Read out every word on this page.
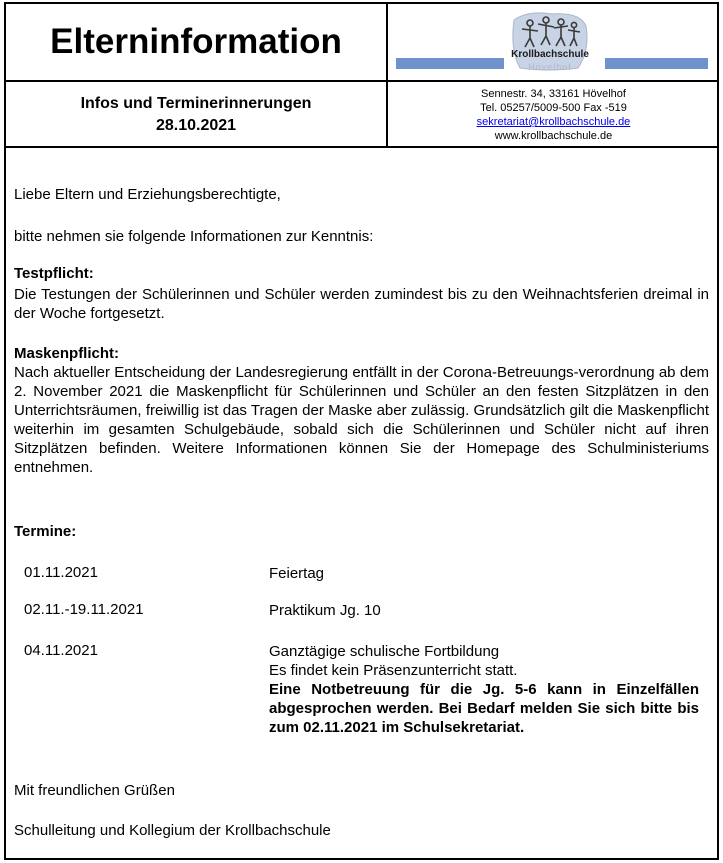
Elterninformation	Krollbachschule
Hövelhof
Infos und Terminerinnerungen
28.10.2021
Sennestr. 34, 33161 Hövelhof
Tel. 05257/5009-500 Fax -519
sekretariat@krollbachschule.de
www.krollbachschule.de
Liebe Eltern und Erziehungsberechtigte,
bitte nehmen sie folgende Informationen zur Kenntnis:
Testpflicht:
Die Testungen der Schülerinnen und Schüler werden zumindest bis zu den Weihnachtsferien dreimal in der Woche fortgesetzt.
Maskenpflicht:
Nach aktueller Entscheidung der Landesregierung entfällt in der Corona-Betreuungs-verordnung ab dem 2. November 2021 die Maskenpflicht für Schülerinnen und Schüler an den festen Sitzplätzen in den Unterrichtsräumen, freiwillig ist das Tragen der Maske aber zulässig. Grundsätzlich gilt die Maskenpflicht weiterhin im gesamten Schulgebäude, sobald sich die Schülerinnen und Schüler nicht auf ihren Sitzplätzen befinden. Weitere Informationen können Sie der Homepage des Schulministeriums entnehmen.
Termine:
01.11.2021	Feiertag
02.11.-19.11.2021	Praktikum Jg. 10
04.11.2021	Ganztägige schulische Fortbildung
Es findet kein Präsenzunterricht statt.
Eine Notbetreuung für die Jg. 5-6 kann in Einzelfällen abgesprochen werden. Bei Bedarf melden Sie sich bitte bis zum 02.11.2021 im Schulsekretariat.
Mit freundlichen Grüßen
Schulleitung und Kollegium der Krollbachschule
